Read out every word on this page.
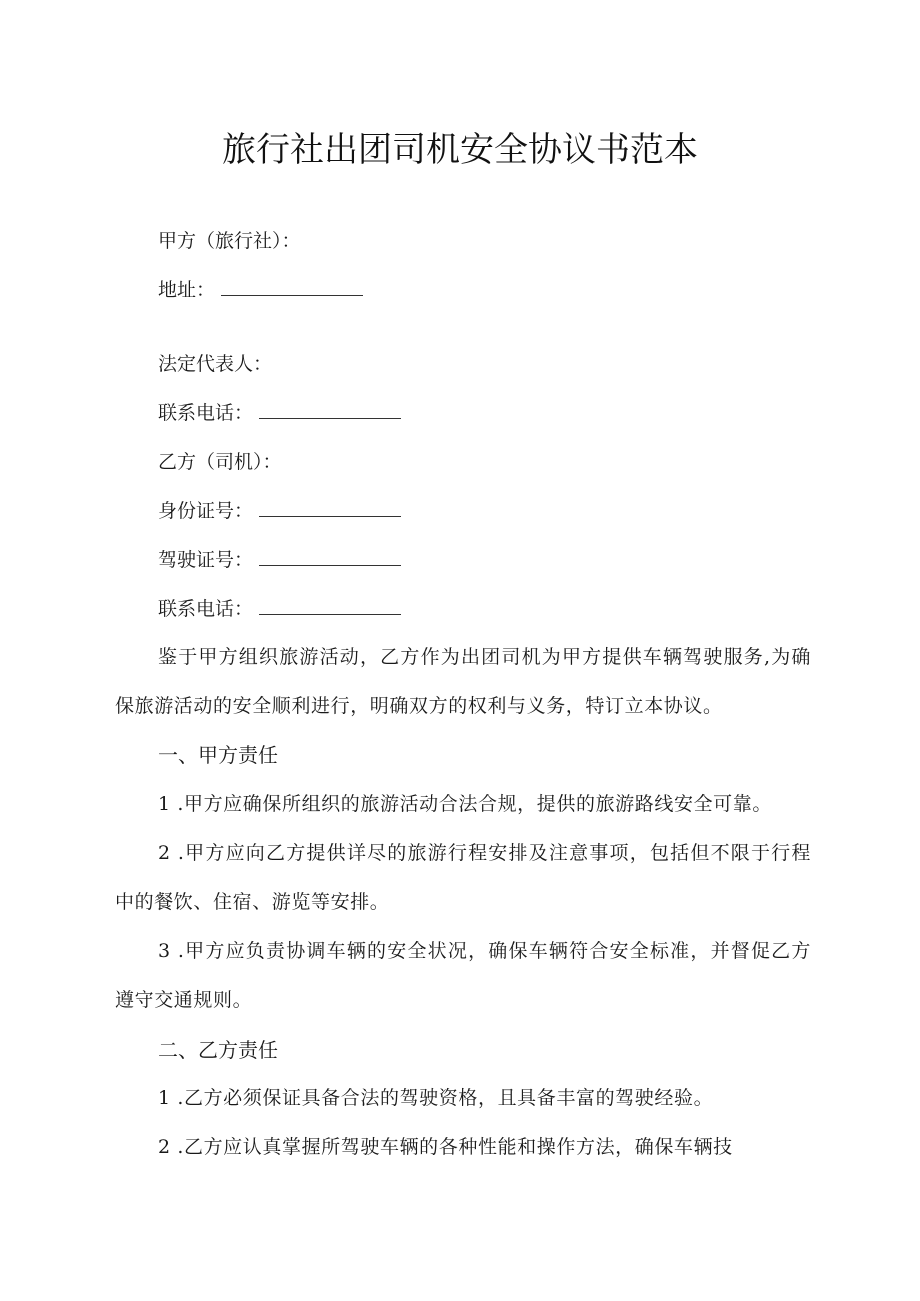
旅行社出团司机安全协议书范本
甲方（旅行社）：
地址：
法定代表人：
联系电话：
乙方（司机）：
身份证号：
驾驶证号：
联系电话：
鉴于甲方组织旅游活动，乙方作为出团司机为甲方提供车辆驾驶服务,为确保旅游活动的安全顺利进行，明确双方的权利与义务，特订立本协议。
一、甲方责任
1 .甲方应确保所组织的旅游活动合法合规，提供的旅游路线安全可靠。
2 .甲方应向乙方提供详尽的旅游行程安排及注意事项，包括但不限于行程中的餐饮、住宿、游览等安排。
3 .甲方应负责协调车辆的安全状况，确保车辆符合安全标准，并督促乙方遵守交通规则。
二、乙方责任
1 .乙方必须保证具备合法的驾驶资格，且具备丰富的驾驶经验。
2 .乙方应认真掌握所驾驶车辆的各种性能和操作方法，确保车辆技
